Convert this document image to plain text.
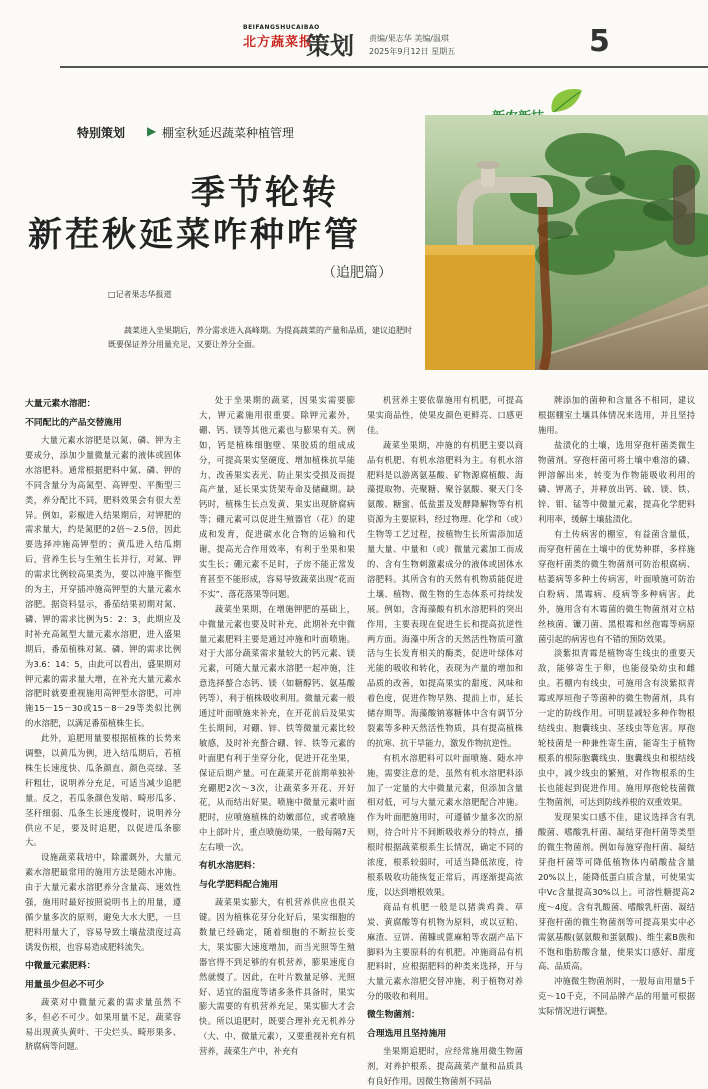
BEIFANGSHUCAIBAO
北方蔬菜报
策划 责编/果志华 美编/温琪
2025年9月12日 星期五	5
特别策划 ▶ 棚室秋延迟蔬菜种植管理
季节轮转
新茬秋延菜咋种咋管
（追肥篇）
□记者果志华报道
蔬菜进入坐果期后，养分需求进入高峰期。为提高蔬菜的产量和品质，建议追肥时既要保证养分用量充足，又要让养分全面。

大量元素水溶肥：

不同配比的产品交替施用

大量元素水溶肥是以氮、磷、钾为主要成分，添加少量微量元素的液体或固体水溶肥料。通常根据肥料中氮、磷、钾的不同含量分为高氮型、高钾型、平衡型三类，养分配比不同，肥料效果会有很大差异。例如，彩椒进入结果期后，对钾肥的需求量大，约是氮肥的2倍～2.5倍，因此要选择冲施高钾型的；黄瓜进入结瓜期后，营养生长与生殖生长并行，对氮、钾的需求比例较高果类为，要以冲施平衡型的为主，开穿插冲施高钾型的大量元素水溶肥。据资料显示，番茄结果初期对氮、磷、钾的需求比例为5：2：3，此期应及时补充高氮型大量元素水溶肥，进入盛果期后，番茄植株对氮、磷、钾的需求比例为3.6：14：5，由此可以看出，盛果期对钾元素的需求量大增，在补充大量元素水溶肥时就要重视施用高钾型水溶肥，可冲施15－15－30或15－8－29等类似比例的水溶肥，以满足番茄植株生长。

此外，追肥用量要根据植株的长势来调整，以黄瓜为例，进入结瓜期后，若植株生长速度快、瓜条颜直、颜色亮绿、茎秆粗壮，说明养分充足，可适当减少追肥量。反之，若瓜条颜色发暗、畸形瓜多、茎秆细弱、瓜条生长速度慢时，说明养分供应不足，要及时追肥，以促进瓜条膨大。

设施蔬菜栽培中，除灌溉外，大量元素水溶肥最常用的施用方法是随水冲施。由于大量元素水溶肥养分含量高、速效性强，施用时最好按照说明书上的用量，遵循少量多次的原则，避免大水大肥，一旦肥料用量大了，容易导致土壤盐渍度过高诱发伤根，也容易造成肥料流失。

中微量元素肥料：

用量虽少但必不可少

蔬菜对中微量元素的需求量虽然不多，但必不可少。如果用量不足，蔬菜容易出现黄头黄叶、干尖烂头、畸形果多、脐腐病等问题。

处于坐果期的蔬菜，因果实需要膨大，钾元素施用很重要。除钾元素外，硼、钙、镁等其他元素也与膨果有关。例如，钙是植株细胞壁、果胶质的组成成分，可提高果实坚硬度、增加植株抗旱能力、改善果实表光、防止果实受损及而提高产量，延长果实货架寿命及储藏期。缺钙时，植株生长点发黄、果实出现脐腐病等；硼元素可以促进生殖器官（花）的建成和发育，促进碳水化合物的运输和代谢，提高光合作用效率，有利于坐果和果实生长；硼元素不足时，子房不能正常发育甚至不能形成，容易导致蔬菜出现“花而不实”、落花落果等问题。

蔬菜坐果期，在增施钾肥的基础上，中微量元素也要及时补充，此期补充中微量元素肥料主要是通过冲施和叶面喷施。对于大部分蔬菜需求量较大的钙元素、镁元素，可随大量元素水溶肥一起冲施，注意选择螯合态钙、镁（如糖醇钙、氨基酸钙等），利于植株吸收利用。微量元素一般通过叶面喷施来补充，在开花前后及果实生长期间，对硼、锌、铁等微量元素比较敏感，及时补充螯合硼、锌、铁等元素的叶面肥有利于坐穿分化，促进开花坐果，保证后期产量。可在蔬菜开花前期单独补充硼肥2次～3次，让蔬菜多开花、开好花，从而结出好果。喷施中微量元素叶面肥时，应喷施植株的幼嫩部位，或者喷施中上部叶片，重点喷施幼果，一般每隔7天左右喷一次。

有机水溶肥料：

与化学肥料配合施用

蔬菜果实膨大，有机营养供应也很关键。因为植株花芽分化好后，果实细胞的数量已经确定，随着细胞的不断拉长变大，果实膨大速度增加，而当光照等生殖器官得不到足够的有机营养，膨果速度自然就慢了。因此，在叶片数量足够、光照好、适宜的温度等诸多条件具备时，果实膨大需要的有机营养充足，果实膨大才会快。所以追肥时，既要合理补充无机养分（大、中、微量元素），又要重视补充有机营养，蔬菜生产中，补充有

机营养主要依靠施用有机肥，可提高果实商品性，使果皮颜色更鲜亮、口感更佳。

蔬菜坐果期，冲施的有机肥主要以商品有机肥、有机水溶肥料为主。有机水溶肥料是以游离氨基酸、矿物源腐植酸、海藻提取物、壳聚糖、聚谷氨酸、聚天门冬氨酸、糖蜜、低盐蛋及发酵降解物等有机资源为主要原料，经过物理、化学和（或）生物等工艺过程，按植物生长所需添加适量大量、中量和（或）微量元素加工而成的、含有生物刺激素成分的液体或固体水溶肥料。其所含有的天然有机物质能促进土壤、植物、微生物的生态体系可持续发展。例如，含海藻酸有机水溶肥料的突出作用，主要表现在促进生长和提高抗逆性两方面。海藻中所含的天然活性物质可激活与生长发育相关的酶类，促进叶绿体对光能的吸收和转化，表现为产量的增加和品质的改善，如提高果实的甜度、风味和着色度，促进作物早熟、提前上市，延长储存期等。海藻酸钠寡糖体中含有调节分裂素等多种天然活性物质，具有提高植株的抗寒、抗干旱能力，激发作物抗逆性。

有机水溶肥料可以叶面喷施、随水冲施，需要注意的是，虽然有机水溶肥料添加了一定量的大中微量元素，但添加含量相对低，可与大量元素水溶肥配合冲施。作为叶面肥施用时，可遵循少量多次的原则，待合叶片不间断吸收养分的特点，播根时根据蔬菜根系生长情况，确定不同的浓度，根系较弱时，可适当降低浓度，待根系吸收功能恢复正常后，再逐渐提高浓度，以达到增根效果。

商品有机肥一般是以猪粪鸡粪、草炭、黄腐酸等有机物为原料，或以豆粕、麻渣、豆饼、菌糠或蓖麻粕等农副产品下脚料为主要原料的有机肥。冲施商品有机肥料时，应根据肥料的种类来选择，开与大量元素水溶肥交替冲施，利于植物对养分的吸收和利用。

微生物菌剂：

合理选用且坚持施用

坐果期追肥时，应经常施用微生物菌剂，对养护根系、提高蔬菜产量和品质具有良好作用。因微生物菌剂不同品

牌添加的菌种和含量各不相同，建议根据棚室土壤具体情况来选用，并且坚持施用。

盐渍化的土壤，选用穿孢杆菌类微生物菌剂。穿孢杆菌可将土壤中难溶的磷、钾溶解出来，转变为作物能吸收利用的磷、钾离子，并释放出钙、硫、镁、铁、锌、钼、锰等中微量元素，提高化学肥料利用率，缓解土壤盐渍化。

有土传病害的棚室，有益菌含量低，而穿孢杆菌在土壤中的优势种群，多样施穿孢杆菌类的微生物菌剂可防治根腐病、枯萎病等多种土传病害，叶面喷施可防治白粉病、黑霉病、疫病等多种病害。此外，施用含有木霉菌的微生物菌剂对立枯丝核菌、镰刀菌、黑根霉和丝孢霉等病原菌引起的病害也有不错的预防效果。

淡紫拟青霉是植物寄生线虫的重要天敌，能够寄生于卵，也能侵染幼虫和雌虫。若棚内有线虫，可施用含有淡紫拟青霉或厚垣孢子等菌种的微生物菌剂，具有一定的防线作用。可明显减轻多种作物根结线虫、胞囊线虫、茎线虫等危害。厚孢轮枝菌是一种兼性寄生菌，能寄生于植物根系的根际胞囊线虫、胞囊线虫和根结线虫中，减少线虫的繁殖，对作物根系的生长也能起到促进作用。施用厚孢轮枝菌微生物菌剂，可达到防线养根的双重效果。

发现果实口感不佳，建议选择含有乳酸菌、嗜酸乳杆菌、凝结芽孢杆菌等类型的微生物菌剂。例如每施穿孢杆菌、凝结芽孢杆菌等可降低植物体内硝酸盐含量20%以上，能降低蛋白质含量，可使果实中Vc含量提高30%以上。可溶性糖提高2度～4度。含有乳酸菌、嗜酸乳杆菌、凝结芽孢杆菌的微生物菌剂等可提高果实中必需氨基酸(氨氨酸和蛋氨酸)、维生素B族和不饱和脂肪酸含量，使果实口感好、甜度高、品质高。

冲施微生物菌剂时，一般每亩用量5千克～10千克，不同品牌产品的用量可根据实际情况进行调整。
